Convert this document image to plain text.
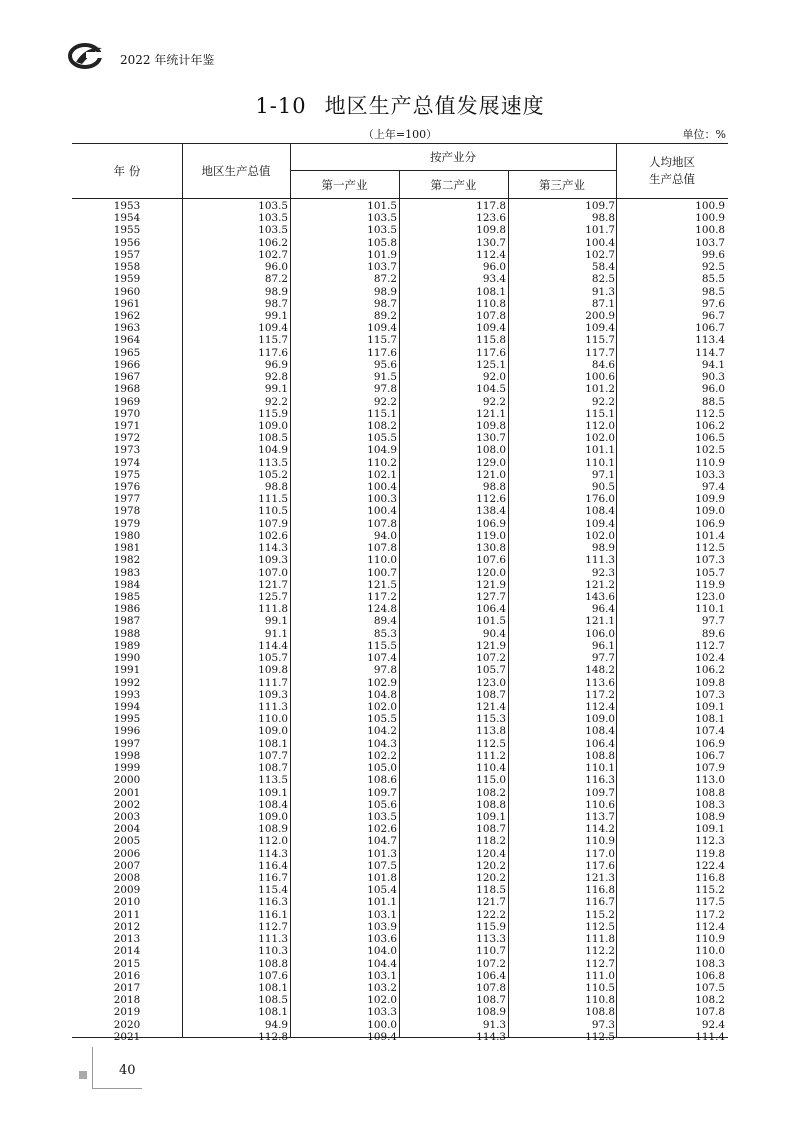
2022 年统计年鉴
1-10 地区生产总值发展速度
（上年=100）	单位：%
年 份	地区生产总值
按产业分
第一产业	第二产业	第三产业
人均地区
生产总值
1953	103.5	101.5	117.8	109.7	100.9
1954	103.5	103.5	123.6	98.8	100.9
1955	103.5	103.5	109.8	101.7	100.8
1956	106.2	105.8	130.7	100.4	103.7
1957	102.7	101.9	112.4	102.7	99.6
1958	96.0	103.7	96.0	58.4	92.5
1959	87.2	87.2	93.4	82.5	85.5
1960	98.9	98.9	108.1	91.3	98.5
1961	98.7	98.7	110.8	87.1	97.6
1962	99.1	89.2	107.8	200.9	96.7
1963	109.4	109.4	109.4	109.4	106.7
1964	115.7	115.7	115.8	115.7	113.4
1965	117.6	117.6	117.6	117.7	114.7
1966	96.9	95.6	125.1	84.6	94.1
1967	92.8	91.5	92.0	100.6	90.3
1968	99.1	97.8	104.5	101.2	96.0
1969	92.2	92.2	92.2	92.2	88.5
1970	115.9	115.1	121.1	115.1	112.5
1971	109.0	108.2	109.8	112.0	106.2
1972	108.5	105.5	130.7	102.0	106.5
1973	104.9	104.9	108.0	101.1	102.5
1974	113.5	110.2	129.0	110.1	110.9
1975	105.2	102.1	121.0	97.1	103.3
1976	98.8	100.4	98.8	90.5	97.4
1977	111.5	100.3	112.6	176.0	109.9
1978	110.5	100.4	138.4	108.4	109.0
1979	107.9	107.8	106.9	109.4	106.9
1980	102.6	94.0	119.0	102.0	101.4
1981	114.3	107.8	130.8	98.9	112.5
1982	109.3	110.0	107.6	111.3	107.3
1983	107.0	100.7	120.0	92.3	105.7
1984	121.7	121.5	121.9	121.2	119.9
1985	125.7	117.2	127.7	143.6	123.0
1986	111.8	124.8	106.4	96.4	110.1
1987	99.1	89.4	101.5	121.1	97.7
1988	91.1	85.3	90.4	106.0	89.6
1989	114.4	115.5	121.9	96.1	112.7
1990	105.7	107.4	107.2	97.7	102.4
1991	109.8	97.8	105.7	148.2	106.2
1992	111.7	102.9	123.0	113.6	109.8
1993	109.3	104.8	108.7	117.2	107.3
1994	111.3	102.0	121.4	112.4	109.1
1995	110.0	105.5	115.3	109.0	108.1
1996	109.0	104.2	113.8	108.4	107.4
1997	108.1	104.3	112.5	106.4	106.9
1998	107.7	102.2	111.2	108.8	106.7
1999	108.7	105.0	110.4	110.1	107.9
2000	113.5	108.6	115.0	116.3	113.0
2001	109.1	109.7	108.2	109.7	108.8
2002	108.4	105.6	108.8	110.6	108.3
2003	109.0	103.5	109.1	113.7	108.9
2004	108.9	102.6	108.7	114.2	109.1
2005	112.0	104.7	118.2	110.9	112.3
2006	114.3	101.3	120.4	117.0	119.8
2007	116.4	107.5	120.2	117.6	122.4
2008	116.7	101.8	120.2	121.3	116.8
2009	115.4	105.4	118.5	116.8	115.2
2010	116.3	101.1	121.7	116.7	117.5
2011	116.1	103.1	122.2	115.2	117.2
2012	112.7	103.9	115.9	112.5	112.4
2013	111.3	103.6	113.3	111.8	110.9
2014	110.3	104.0	110.7	112.2	110.0
2015	108.8	104.4	107.2	112.7	108.3
2016	107.6	103.1	106.4	111.0	106.8
2017	108.1	103.2	107.8	110.5	107.5
2018	108.5	102.0	108.7	110.8	108.2
2019	108.1	103.3	108.9	108.8	107.8
2020	94.9	100.0	91.3	97.3	92.4
2021	112.8	109.4	114.3	112.5	111.4
40
